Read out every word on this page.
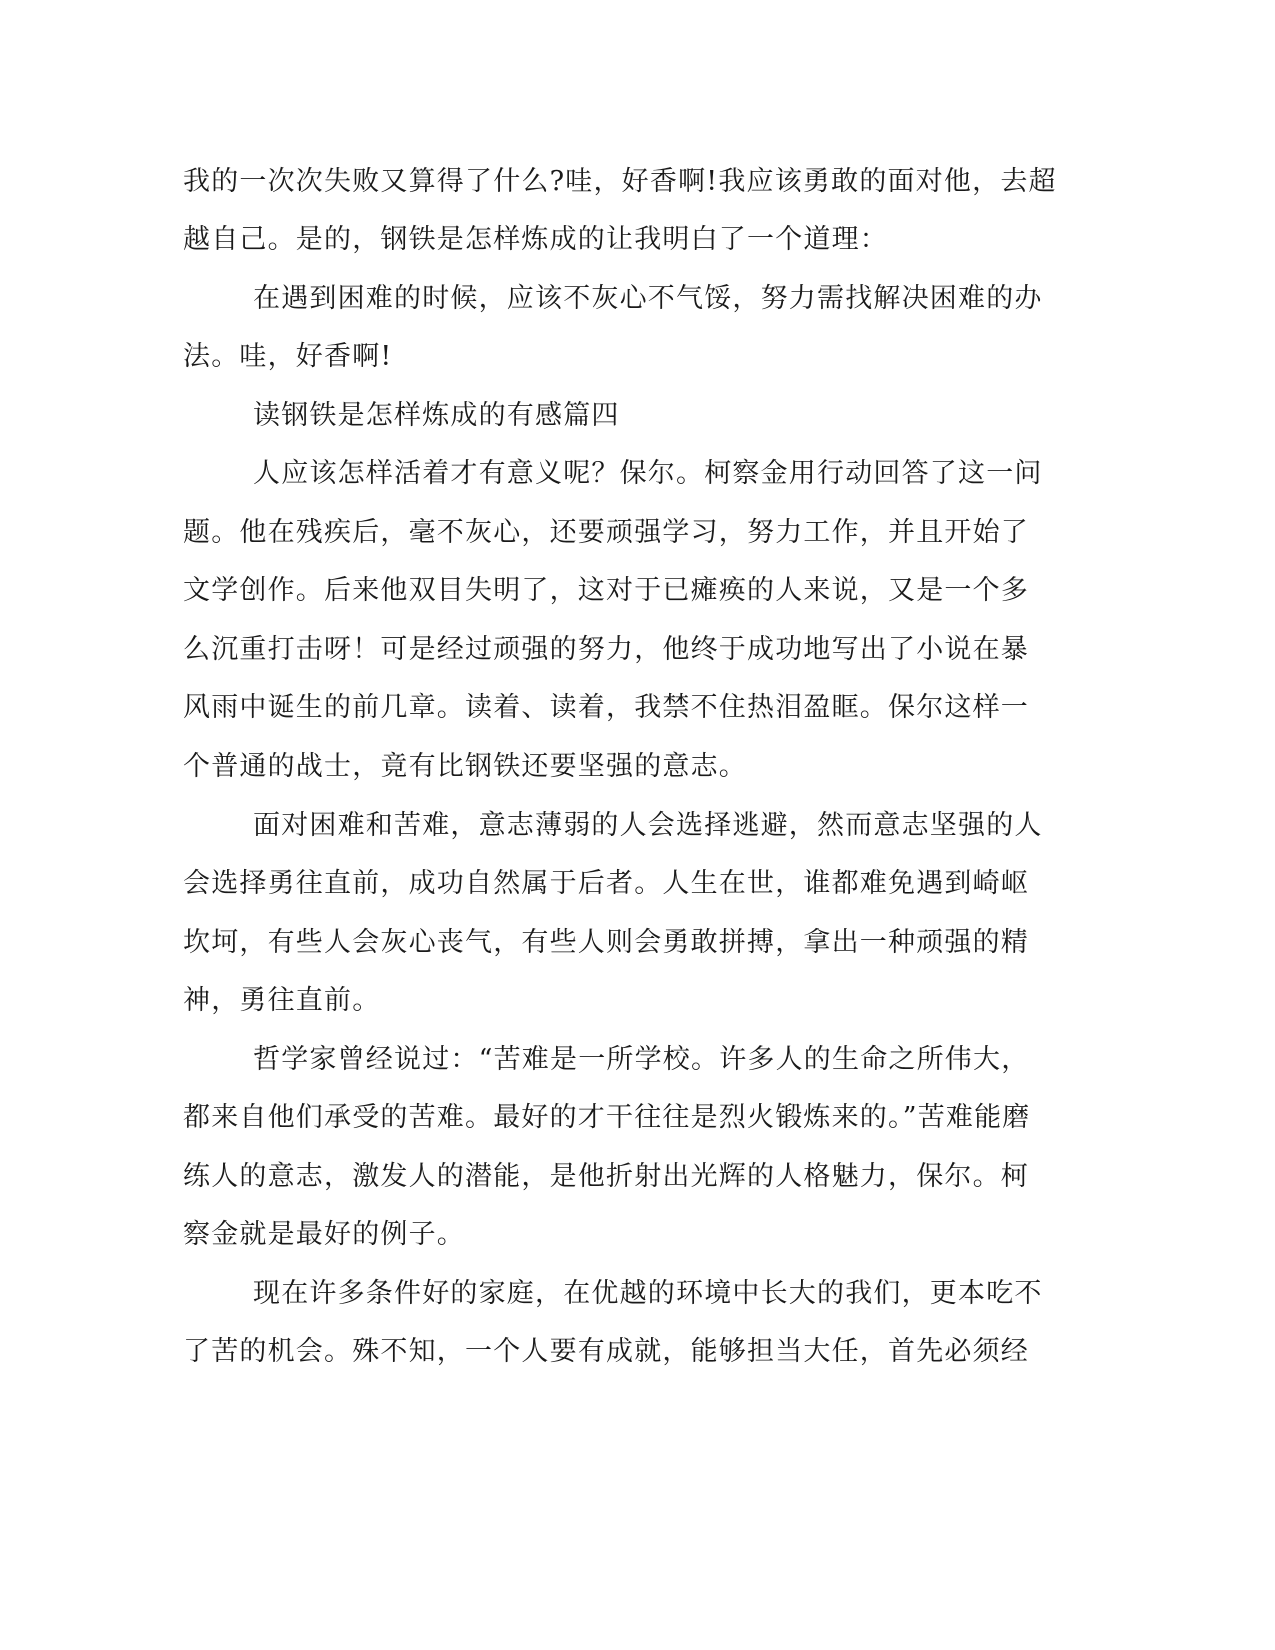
我的一次次失败又算得了什么?哇，好香啊!我应该勇敢的面对他，去超
越自己。是的，钢铁是怎样炼成的让我明白了一个道理：
在遇到困难的时候，应该不灰心不气馁，努力需找解决困难的办
法。哇，好香啊!
读钢铁是怎样炼成的有感篇四
人应该怎样活着才有意义呢？保尔。柯察金用行动回答了这一问
题。他在残疾后，毫不灰心，还要顽强学习，努力工作，并且开始了
文学创作。后来他双目失明了，这对于已瘫痪的人来说，又是一个多
么沉重打击呀！可是经过顽强的努力，他终于成功地写出了小说在暴
风雨中诞生的前几章。读着、读着，我禁不住热泪盈眶。保尔这样一
个普通的战士，竟有比钢铁还要坚强的意志。
面对困难和苦难，意志薄弱的人会选择逃避，然而意志坚强的人
会选择勇往直前，成功自然属于后者。人生在世，谁都难免遇到崎岖
坎坷，有些人会灰心丧气，有些人则会勇敢拼搏，拿出一种顽强的精
神，勇往直前。
哲学家曾经说过：“苦难是一所学校。许多人的生命之所伟大，
都来自他们承受的苦难。最好的才干往往是烈火锻炼来的。”苦难能磨
练人的意志，激发人的潜能，是他折射出光辉的人格魅力，保尔。柯
察金就是最好的例子。
现在许多条件好的家庭，在优越的环境中长大的我们，更本吃不
了苦的机会。殊不知，一个人要有成就，能够担当大任，首先必须经
